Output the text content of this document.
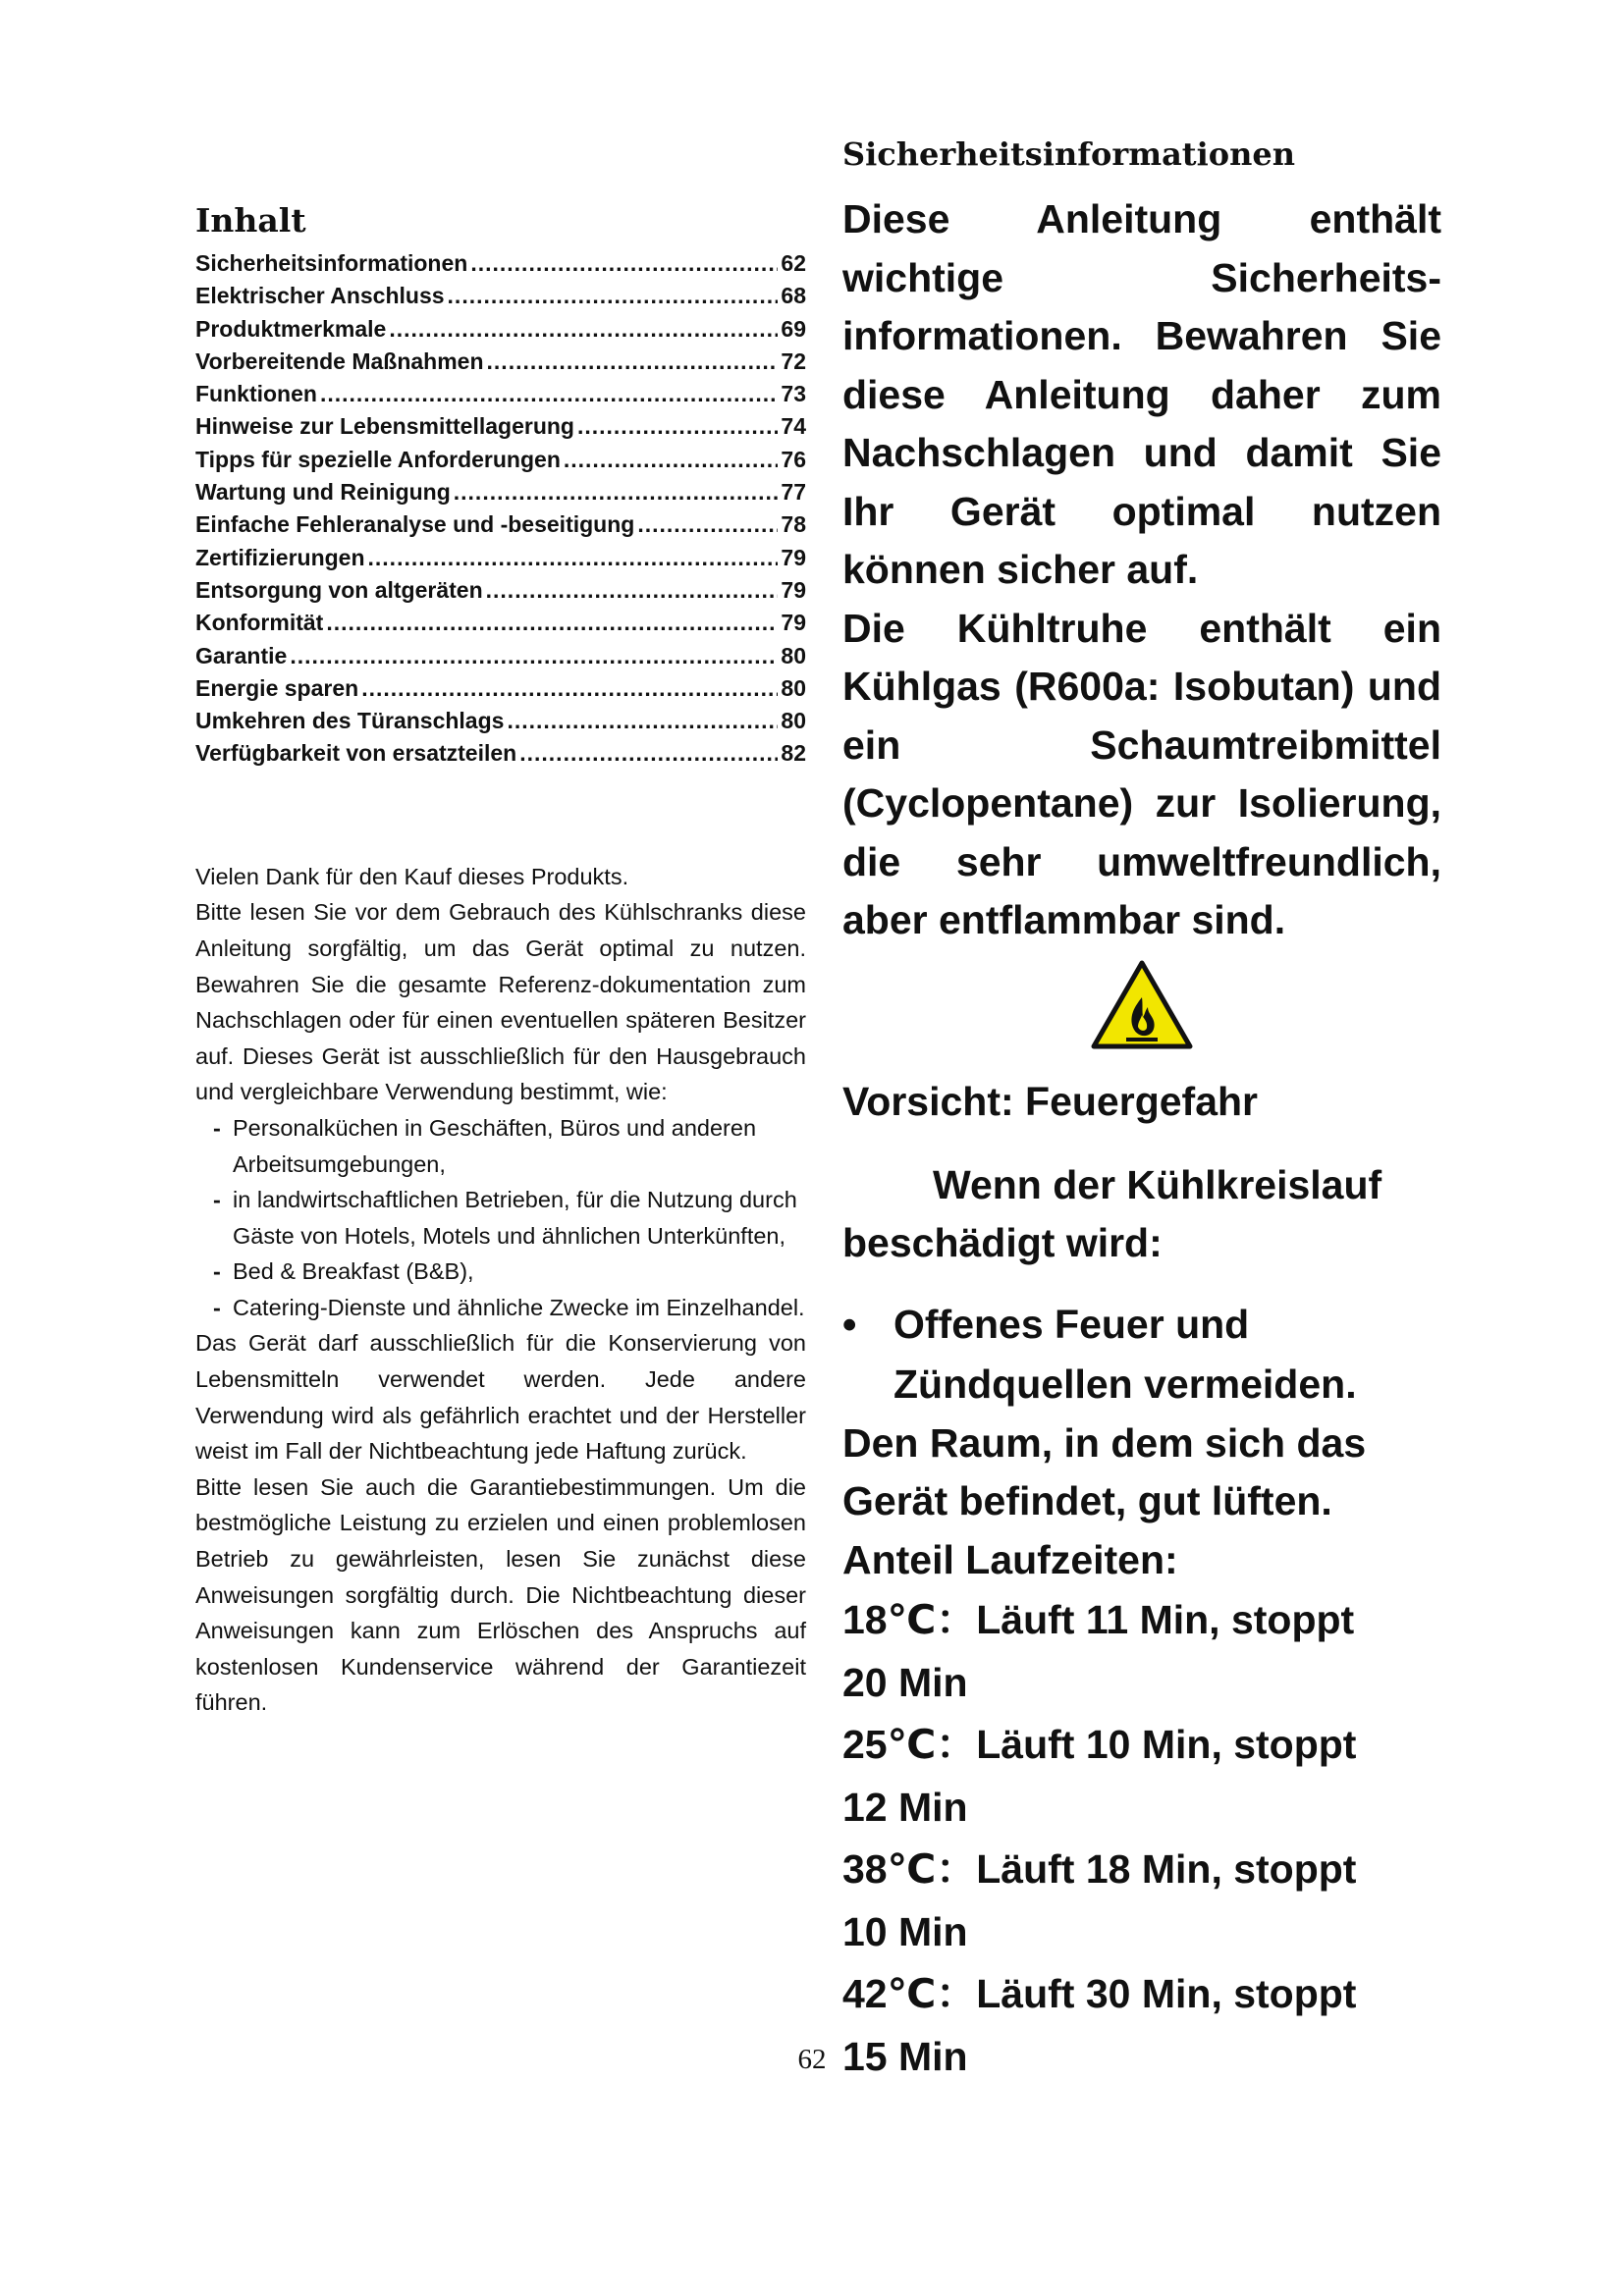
Inhalt
Sicherheitsinformationen .....	62
Elektrischer Anschluss .....	68
Produktmerkmale .....	69
Vorbereitende Maßnahmen .....	72
Funktionen .....	73
Hinweise zur Lebensmittellagerung .....	74
Tipps für spezielle Anforderungen .....	76
Wartung und Reinigung .....	77
Einfache Fehleranalyse und -beseitigung .....	78
Zertifizierungen .....	79
Entsorgung von altgeräten .....	79
Konformität .....	79
Garantie .....	80
Energie sparen .....	80
Umkehren des Türanschlags .....	80
Verfügbarkeit von ersatzteilen .....	82

Vielen Dank für den Kauf dieses Produkts.

Bitte lesen Sie vor dem Gebrauch des Kühlschranks diese Anleitung sorgfältig, um das Gerät optimal zu nutzen. Bewahren Sie die gesamte Referenz-dokumentation zum Nachschlagen oder für einen eventuellen späteren Besitzer auf. Dieses Gerät ist ausschließlich für den Hausgebrauch und vergleichbare Verwendung bestimmt, wie:

- Personalküchen in Geschäften, Büros und anderen Arbeitsumgebungen,
- in landwirtschaftlichen Betrieben, für die Nutzung durch Gäste von Hotels, Motels und ähnlichen Unterkünften,
- Bed & Breakfast (B&B),
- Catering-Dienste und ähnliche Zwecke im Einzelhandel.

Das Gerät darf ausschließlich für die Konservierung von Lebensmitteln verwendet werden. Jede andere Verwendung wird als gefährlich erachtet und der Hersteller weist im Fall der Nichtbeachtung jede Haftung zurück.

Bitte lesen Sie auch die Garantiebestimmungen. Um die bestmögliche Leistung zu erzielen und einen problemlosen Betrieb zu gewährleisten, lesen Sie zunächst diese Anweisungen sorgfältig durch. Die Nichtbeachtung dieser Anweisungen kann zum Erlöschen des Anspruchs auf kostenlosen Kundenservice während der Garantiezeit führen.

Sicherheitsinformationen

Diese Anleitung enthält wichtige Sicherheits-informationen. Bewahren Sie diese Anleitung daher zum Nachschlagen und damit Sie Ihr Gerät optimal nutzen können sicher auf.

Die Kühltruhe enthält ein Kühlgas (R600a: Isobutan) und ein Schaumtreibmittel (Cyclopentane) zur Isolierung, die sehr umweltfreundlich, aber entflammbar sind.

Vorsicht: Feuergefahr

Wenn der Kühlkreislauf beschädigt wird:

• Offenes Feuer und Zündquellen vermeiden.

Den Raum, in dem sich das Gerät befindet, gut lüften.

Anteil Laufzeiten:

18℃：Läuft 11 Min, stoppt

20 Min

25℃：Läuft 10 Min, stoppt

12 Min

38℃：Läuft 18 Min, stoppt

10 Min

42℃：Läuft 30 Min, stoppt

15 Min

62
